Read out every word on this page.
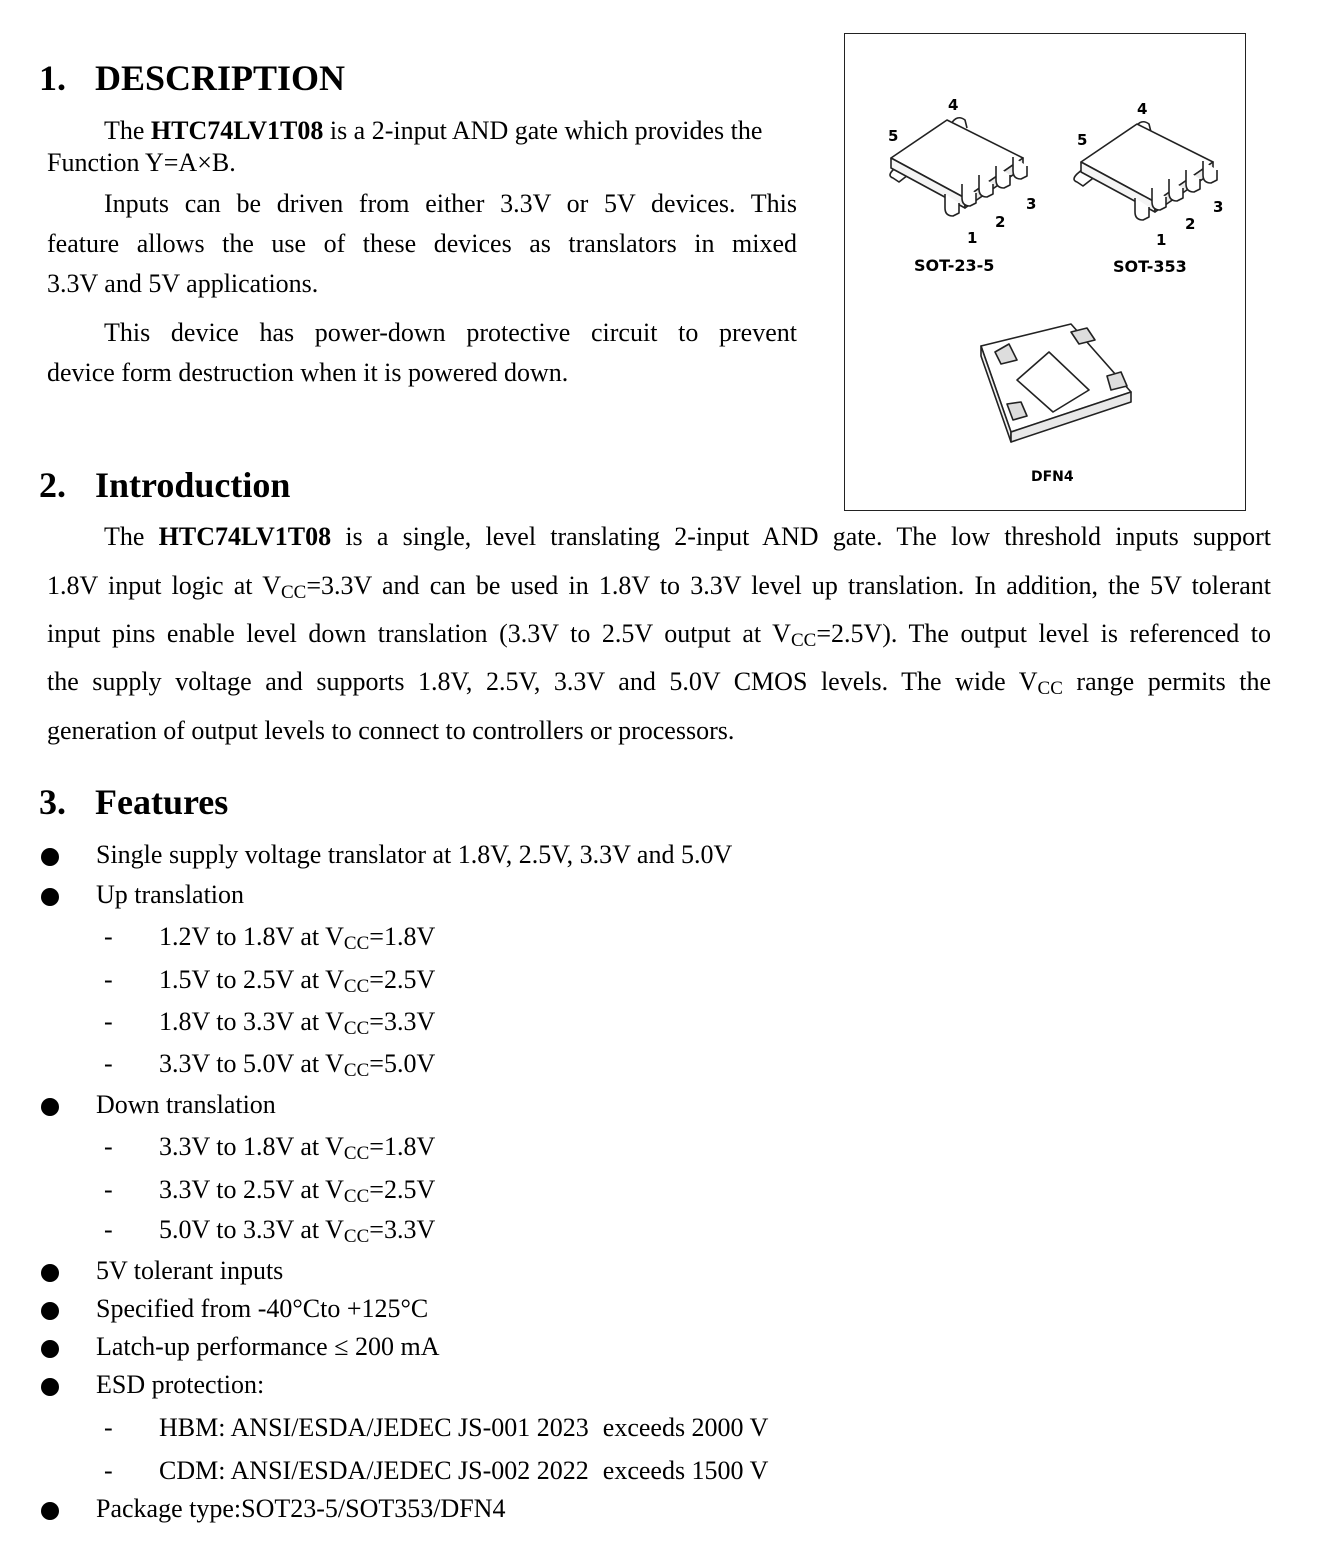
1. DESCRIPTION
The HTC74LV1T08 is a 2-input AND gate which provides the
Function Y=A×B.
Inputs can be driven from either 3.3V or 5V devices. This
feature allows the use of these devices as translators in mixed
3.3V and 5V applications.
This device has power-down protective circuit to prevent
device form destruction when it is powered down.
4
5
2
3
1
4
5
2
3
1
SOT-23-5	SOT-353
DFN4
2. Introduction
The HTC74LV1T08 is a single, level translating 2-input AND gate. The low threshold inputs support
1.8V input logic at $V_{CC}=3.3V$ and can be used in 1.8V to 3.3V level up translation. In addition, the 5V tolerant
input pins enable level down translation (3.3V to 2.5V output at $V_{CC}=2.5V$). The output level is referenced to
the supply voltage and supports 1.8V, 2.5V, 3.3V and 5.0V CMOS levels. The wide $V_{CC}$ range permits the
generation of output levels to connect to controllers or processors.
3. Features
Single supply voltage translator at 1.8V, 2.5V, 3.3V and 5.0V
Up translation
- 1.2V to 1.8V at $V_{CC}=1.8V$
- 1.5V to 2.5V at $V_{CC}=2.5V$
- 1.8V to 3.3V at $V_{CC}=3.3V$
- 3.3V to 5.0V at $V_{CC}=5.0V$
Down translation
- 3.3V to 1.8V at $V_{CC}=1.8V$
- 3.3V to 2.5V at $V_{CC}=2.5V$
- 5.0V to 3.3V at $V_{CC}=3.3V$
5V tolerant inputs
Specified from -40°Cto +125°C
Latch-up performance ≤ 200 mA
ESD protection:
- HBM: ANSI/ESDA/JEDEC JS-001 2023 exceeds 2000 V
- CDM: ANSI/ESDA/JEDEC JS-002 2022 exceeds 1500 V
Package type:SOT23-5/SOT353/DFN4
